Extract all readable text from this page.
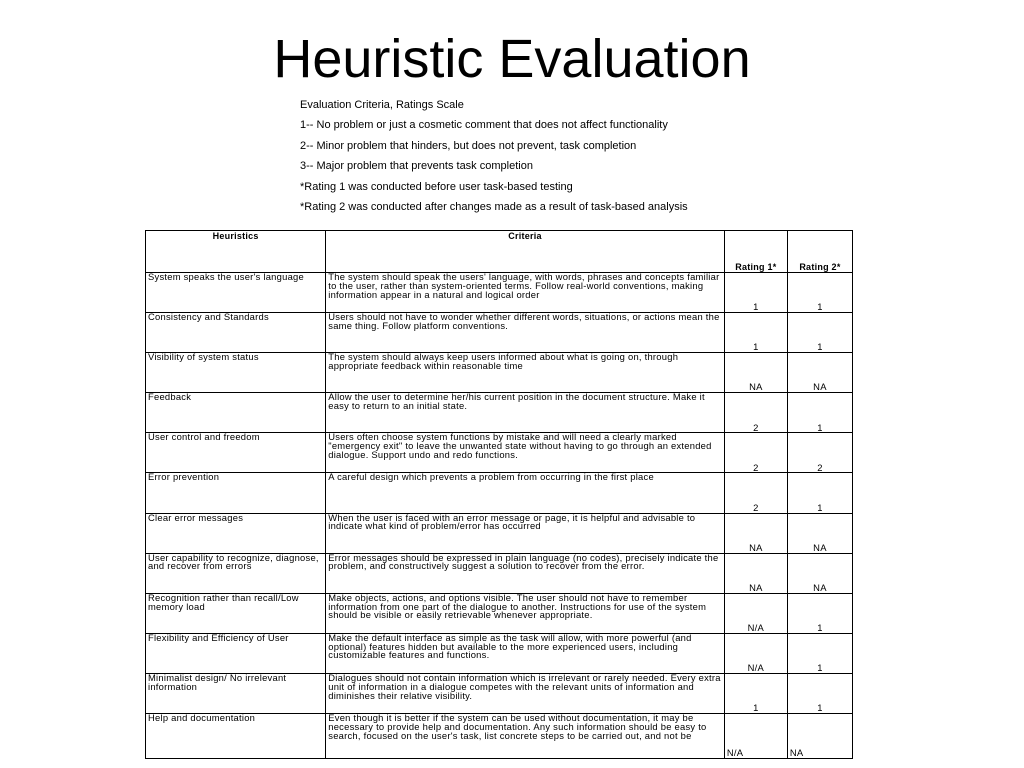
Heuristic Evaluation
Evaluation Criteria, Ratings Scale
1-- No problem or just a cosmetic comment that does not affect functionality
2-- Minor problem that hinders, but does not prevent, task completion
3-- Major problem that prevents task completion
*Rating 1 was conducted before user task-based testing
*Rating 2 was conducted after changes made as a result of task-based analysis
Heuristics	Criteria	Rating 1*	Rating 2*
System speaks the user's language	The system should speak the users' language, with words, phrases and concepts familiar to the user, rather than system-oriented terms. Follow real-world conventions, making information appear in a natural and logical order	1	1
Consistency and Standards	Users should not have to wonder whether different words, situations, or actions mean the same thing. Follow platform conventions.	1	1
Visibility of system status	The system should always keep users informed about what is going on, through appropriate feedback within reasonable time	NA	NA
Feedback	Allow the user to determine her/his current position in the document structure. Make it easy to return to an initial state.	2	1
User control and freedom	Users often choose system functions by mistake and will need a clearly marked "emergency exit" to leave the unwanted state without having to go through an extended dialogue. Support undo and redo functions.	2	2
Error prevention	A careful design which prevents a problem from occurring in the first place	2	1
Clear error messages	When the user is faced with an error message or page, it is helpful and advisable to indicate what kind of problem/error has occurred	NA	NA
User capability to recognize, diagnose, and recover from errors	Error messages should be expressed in plain language (no codes), precisely indicate the problem, and constructively suggest a solution to recover from the error.	NA	NA
Recognition rather than recall/Low memory load	Make objects, actions, and options visible. The user should not have to remember information from one part of the dialogue to another. Instructions for use of the system should be visible or easily retrievable whenever appropriate.	N/A	1
Flexibility and Efficiency of User	Make the default interface as simple as the task will allow, with more powerful (and optional) features hidden but available to the more experienced users, including customizable features and functions.	N/A	1
Minimalist design/ No irrelevant information	Dialogues should not contain information which is irrelevant or rarely needed. Every extra unit of information in a dialogue competes with the relevant units of information and diminishes their relative visibility.	1	1
Help and documentation	Even though it is better if the system can be used without documentation, it may be necessary to provide help and documentation. Any such information should be easy to search, focused on the user's task, list concrete steps to be carried out, and not be	N/A	NA
